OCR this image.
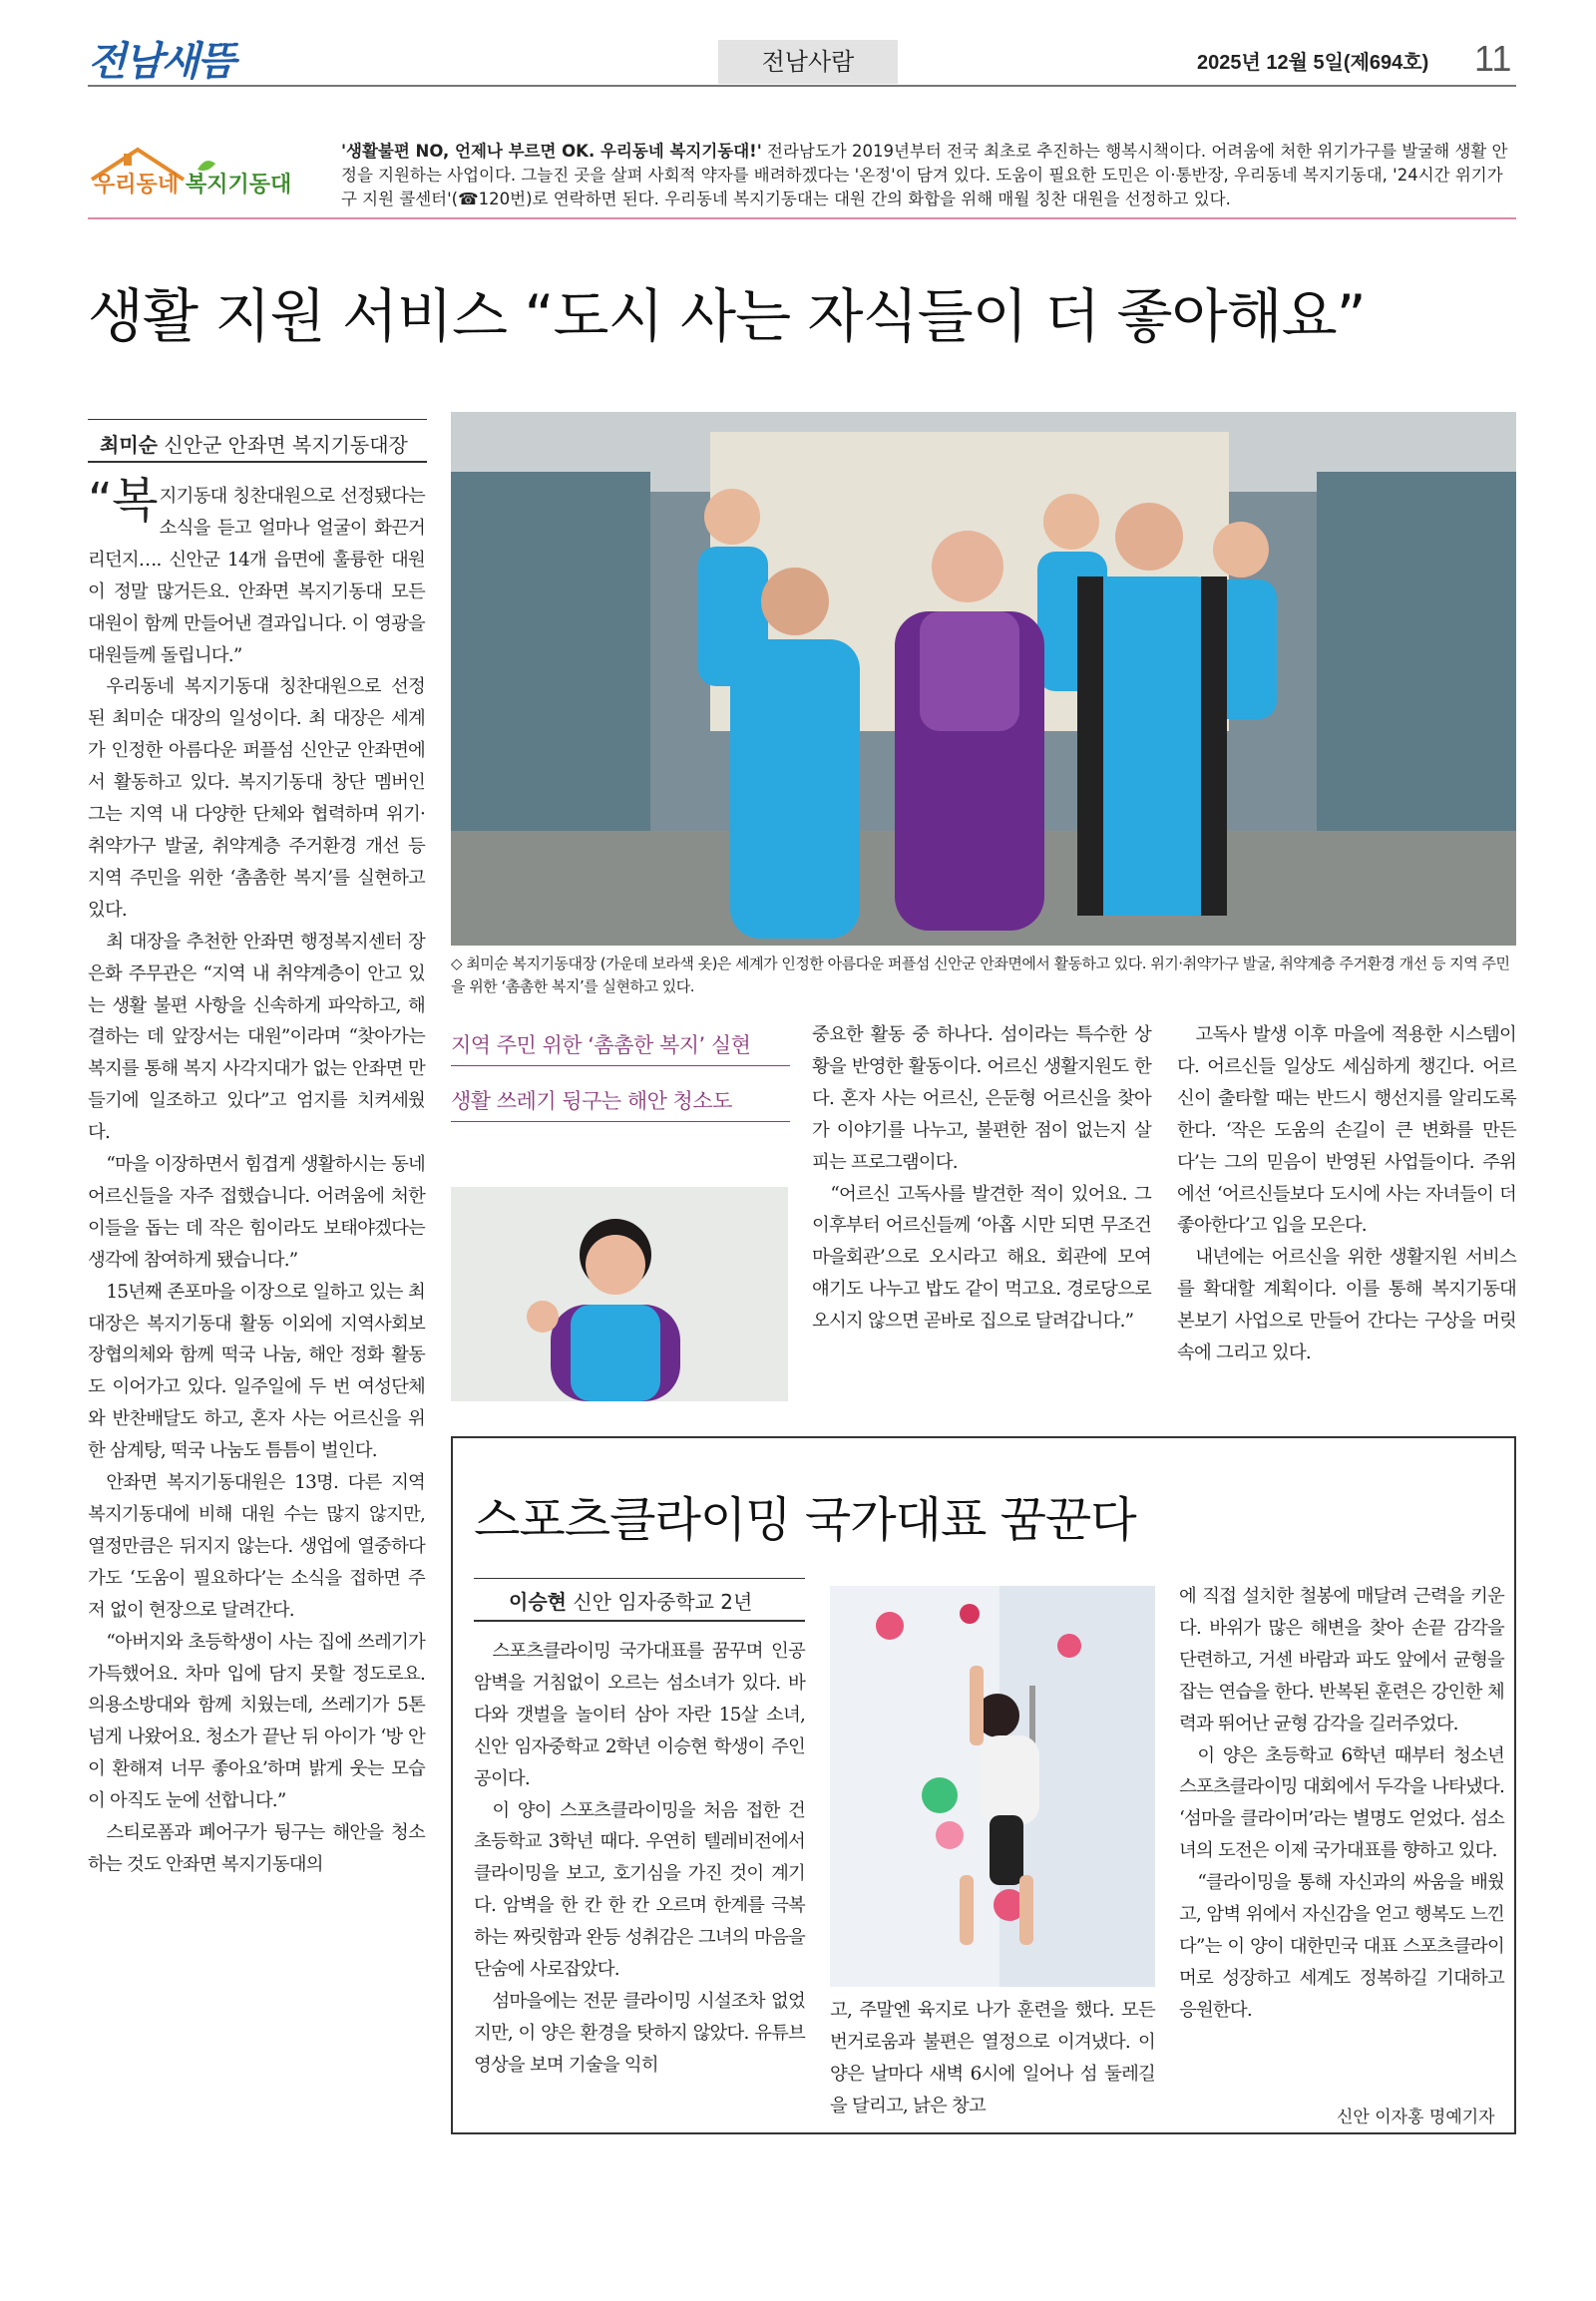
전남새뜸	전남사람	2025년 12월 5일(제694호) 11
우리동네 복지기동대
'생활불편 NO, 언제나 부르면 OK. 우리동네 복지기동대!' 전라남도가 2019년부터 전국 최초로 추진하는 행복시책이다. 어려움에 처한 위기가구를 발굴해 생활 안정을 지원하는 사업이다. 그늘진 곳을 살펴 사회적 약자를 배려하겠다는 '온정'이 담겨 있다. 도움이 필요한 도민은 이·통반장, 우리동네 복지기동대, '24시간 위기가구 지원 콜센터'(☎120번)로 연락하면 된다. 우리동네 복지기동대는 대원 간의 화합을 위해 매월 칭찬 대원을 선정하고 있다.
생활 지원 서비스 “도시 사는 자식들이 더 좋아해요”
최미순 신안군 안좌면 복지기동대장

“복지기동대 칭찬대원으로 선정됐다는 소식을 듣고 얼마나 얼굴이 화끈거리던지…. 신안군 14개 읍면에 훌륭한 대원이 정말 많거든요. 안좌면 복지기동대 모든 대원이 함께 만들어낸 결과입니다. 이 영광을 대원들께 돌립니다.”

우리동네 복지기동대 칭찬대원으로 선정된 최미순 대장의 일성이다. 최 대장은 세계가 인정한 아름다운 퍼플섬 신안군 안좌면에서 활동하고 있다. 복지기동대 창단 멤버인 그는 지역 내 다양한 단체와 협력하며 위기·취약가구 발굴, 취약계층 주거환경 개선 등 지역 주민을 위한 ‘촘촘한 복지’를 실현하고 있다.

최 대장을 추천한 안좌면 행정복지센터 장은화 주무관은 “지역 내 취약계층이 안고 있는 생활 불편 사항을 신속하게 파악하고, 해결하는 데 앞장서는 대원”이라며 “찾아가는 복지를 통해 복지 사각지대가 없는 안좌면 만들기에 일조하고 있다”고 엄지를 치켜세웠다.

“마을 이장하면서 힘겹게 생활하시는 동네 어르신들을 자주 접했습니다. 어려움에 처한 이들을 돕는 데 작은 힘이라도 보태야겠다는 생각에 참여하게 됐습니다.”

15년째 존포마을 이장으로 일하고 있는 최 대장은 복지기동대 활동 이외에 지역사회보장협의체와 함께 떡국 나눔, 해안 정화 활동도 이어가고 있다. 일주일에 두 번 여성단체와 반찬배달도 하고, 혼자 사는 어르신을 위한 삼계탕, 떡국 나눔도 틈틈이 벌인다.

안좌면 복지기동대원은 13명. 다른 지역 복지기동대에 비해 대원 수는 많지 않지만, 열정만큼은 뒤지지 않는다. 생업에 열중하다가도 ‘도움이 필요하다’는 소식을 접하면 주저 없이 현장으로 달려간다.

“아버지와 초등학생이 사는 집에 쓰레기가 가득했어요. 차마 입에 담지 못할 정도로요. 의용소방대와 함께 치웠는데, 쓰레기가 5톤 넘게 나왔어요. 청소가 끝난 뒤 아이가 ‘방 안이 환해져 너무 좋아요’하며 밝게 웃는 모습이 아직도 눈에 선합니다.”

스티로폼과 폐어구가 뒹구는 해안을 청소하는 것도 안좌면 복지기동대의

◇ 최미순 복지기동대장 (가운데 보라색 옷)은 세계가 인정한 아름다운 퍼플섬 신안군 안좌면에서 활동하고 있다. 위기·취약가구 발굴, 취약계층 주거환경 개선 등 지역 주민을 위한 ‘촘촘한 복지’를 실현하고 있다.
지역 주민 위한 ‘촘촘한 복지’ 실현
생활 쓰레기 뒹구는 해안 청소도

중요한 활동 중 하나다. 섬이라는 특수한 상황을 반영한 활동이다. 어르신 생활지원도 한다. 혼자 사는 어르신, 은둔형 어르신을 찾아가 이야기를 나누고, 불편한 점이 없는지 살피는 프로그램이다.

“어르신 고독사를 발견한 적이 있어요. 그 이후부터 어르신들께 ‘아홉 시만 되면 무조건 마을회관’으로 오시라고 해요. 회관에 모여 얘기도 나누고 밥도 같이 먹고요. 경로당으로 오시지 않으면 곧바로 집으로 달려갑니다.”

고독사 발생 이후 마을에 적용한 시스템이다. 어르신들 일상도 세심하게 챙긴다. 어르신이 출타할 때는 반드시 행선지를 알리도록 한다. ‘작은 도움의 손길이 큰 변화를 만든다’는 그의 믿음이 반영된 사업들이다. 주위에선 ‘어르신들보다 도시에 사는 자녀들이 더 좋아한다’고 입을 모은다.

내년에는 어르신을 위한 생활지원 서비스를 확대할 계획이다. 이를 통해 복지기동대 본보기 사업으로 만들어 간다는 구상을 머릿속에 그리고 있다.

스포츠클라이밍 국가대표 꿈꾼다
이승현 신안 임자중학교 2년

스포츠클라이밍 국가대표를 꿈꾸며 인공 암벽을 거침없이 오르는 섬소녀가 있다. 바다와 갯벌을 놀이터 삼아 자란 15살 소녀, 신안 임자중학교 2학년 이승현 학생이 주인공이다.

이 양이 스포츠클라이밍을 처음 접한 건 초등학교 3학년 때다. 우연히 텔레비전에서 클라이밍을 보고, 호기심을 가진 것이 계기다. 암벽을 한 칸 한 칸 오르며 한계를 극복하는 짜릿함과 완등 성취감은 그녀의 마음을 단숨에 사로잡았다.

섬마을에는 전문 클라이밍 시설조차 없었지만, 이 양은 환경을 탓하지 않았다. 유튜브 영상을 보며 기술을 익히

고, 주말엔 육지로 나가 훈련을 했다. 모든 번거로움과 불편은 열정으로 이겨냈다. 이 양은 날마다 새벽 6시에 일어나 섬 둘레길을 달리고, 낡은 창고

에 직접 설치한 철봉에 매달려 근력을 키운다. 바위가 많은 해변을 찾아 손끝 감각을 단련하고, 거센 바람과 파도 앞에서 균형을 잡는 연습을 한다. 반복된 훈련은 강인한 체력과 뛰어난 균형 감각을 길러주었다.

이 양은 초등학교 6학년 때부터 청소년 스포츠클라이밍 대회에서 두각을 나타냈다. ‘섬마을 클라이머’라는 별명도 얻었다. 섬소녀의 도전은 이제 국가대표를 향하고 있다.

“클라이밍을 통해 자신과의 싸움을 배웠고, 암벽 위에서 자신감을 얻고 행복도 느낀다”는 이 양이 대한민국 대표 스포츠클라이머로 성장하고 세계도 정복하길 기대하고 응원한다.

신안 이자홍 명예기자
